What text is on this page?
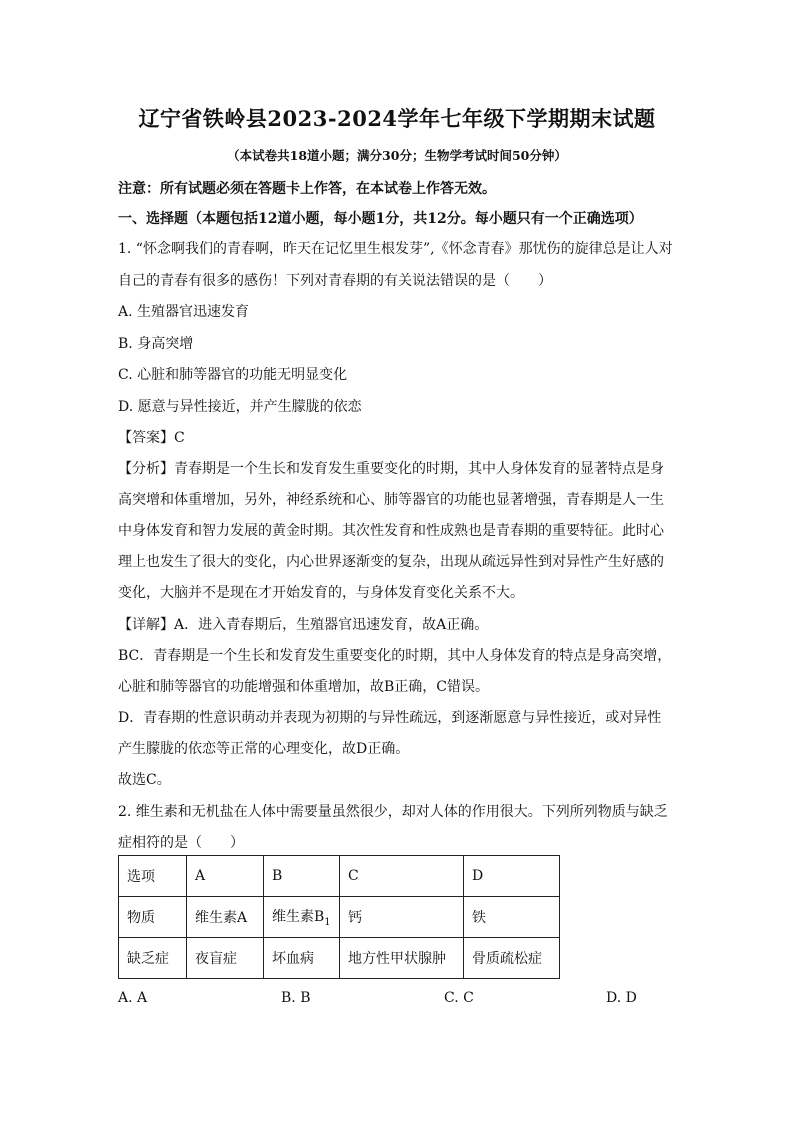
辽宁省铁岭县2023-2024学年七年级下学期期末试题
（本试卷共18道小题；满分30分；生物学考试时间50分钟）
注意：所有试题必须在答题卡上作答，在本试卷上作答无效。
一、选择题（本题包括12道小题，每小题1分，共12分。每小题只有一个正确选项）
1. “怀念啊我们的青春啊，昨天在记忆里生根发芽”,《怀念青春》那忧伤的旋律总是让人对
自己的青春有很多的感伤！下列对青春期的有关说法错误的是（　　）
A. 生殖器官迅速发育
B. 身高突增
C. 心脏和肺等器官的功能无明显变化
D. 愿意与异性接近，并产生朦胧的依恋
【答案】C
【分析】青春期是一个生长和发育发生重要变化的时期，其中人身体发育的显著特点是身
高突增和体重增加，另外，神经系统和心、肺等器官的功能也显著增强，青春期是人一生
中身体发育和智力发展的黄金时期。其次性发育和性成熟也是青春期的重要特征。此时心
理上也发生了很大的变化，内心世界逐渐变的复杂，出现从疏远异性到对异性产生好感的
变化，大脑并不是现在才开始发育的，与身体发育变化关系不大。
【详解】A．进入青春期后，生殖器官迅速发育，故A正确。
BC．青春期是一个生长和发育发生重要变化的时期，其中人身体发育的特点是身高突增，
心脏和肺等器官的功能增强和体重增加，故B正确，C错误。
D．青春期的性意识萌动并表现为初期的与异性疏远，到逐渐愿意与异性接近，或对异性
产生朦胧的依恋等正常的心理变化，故D正确。
故选C。
2. 维生素和无机盐在人体中需要量虽然很少，却对人体的作用很大。下列所列物质与缺乏
症相符的是（　　）
选项	A	B	C	D
物质	维生素A	维生素$B_1$	钙	铁
缺乏症	夜盲症	坏血病	地方性甲状腺肿	骨质疏松症
A. A	B. B	C. C	D. D
